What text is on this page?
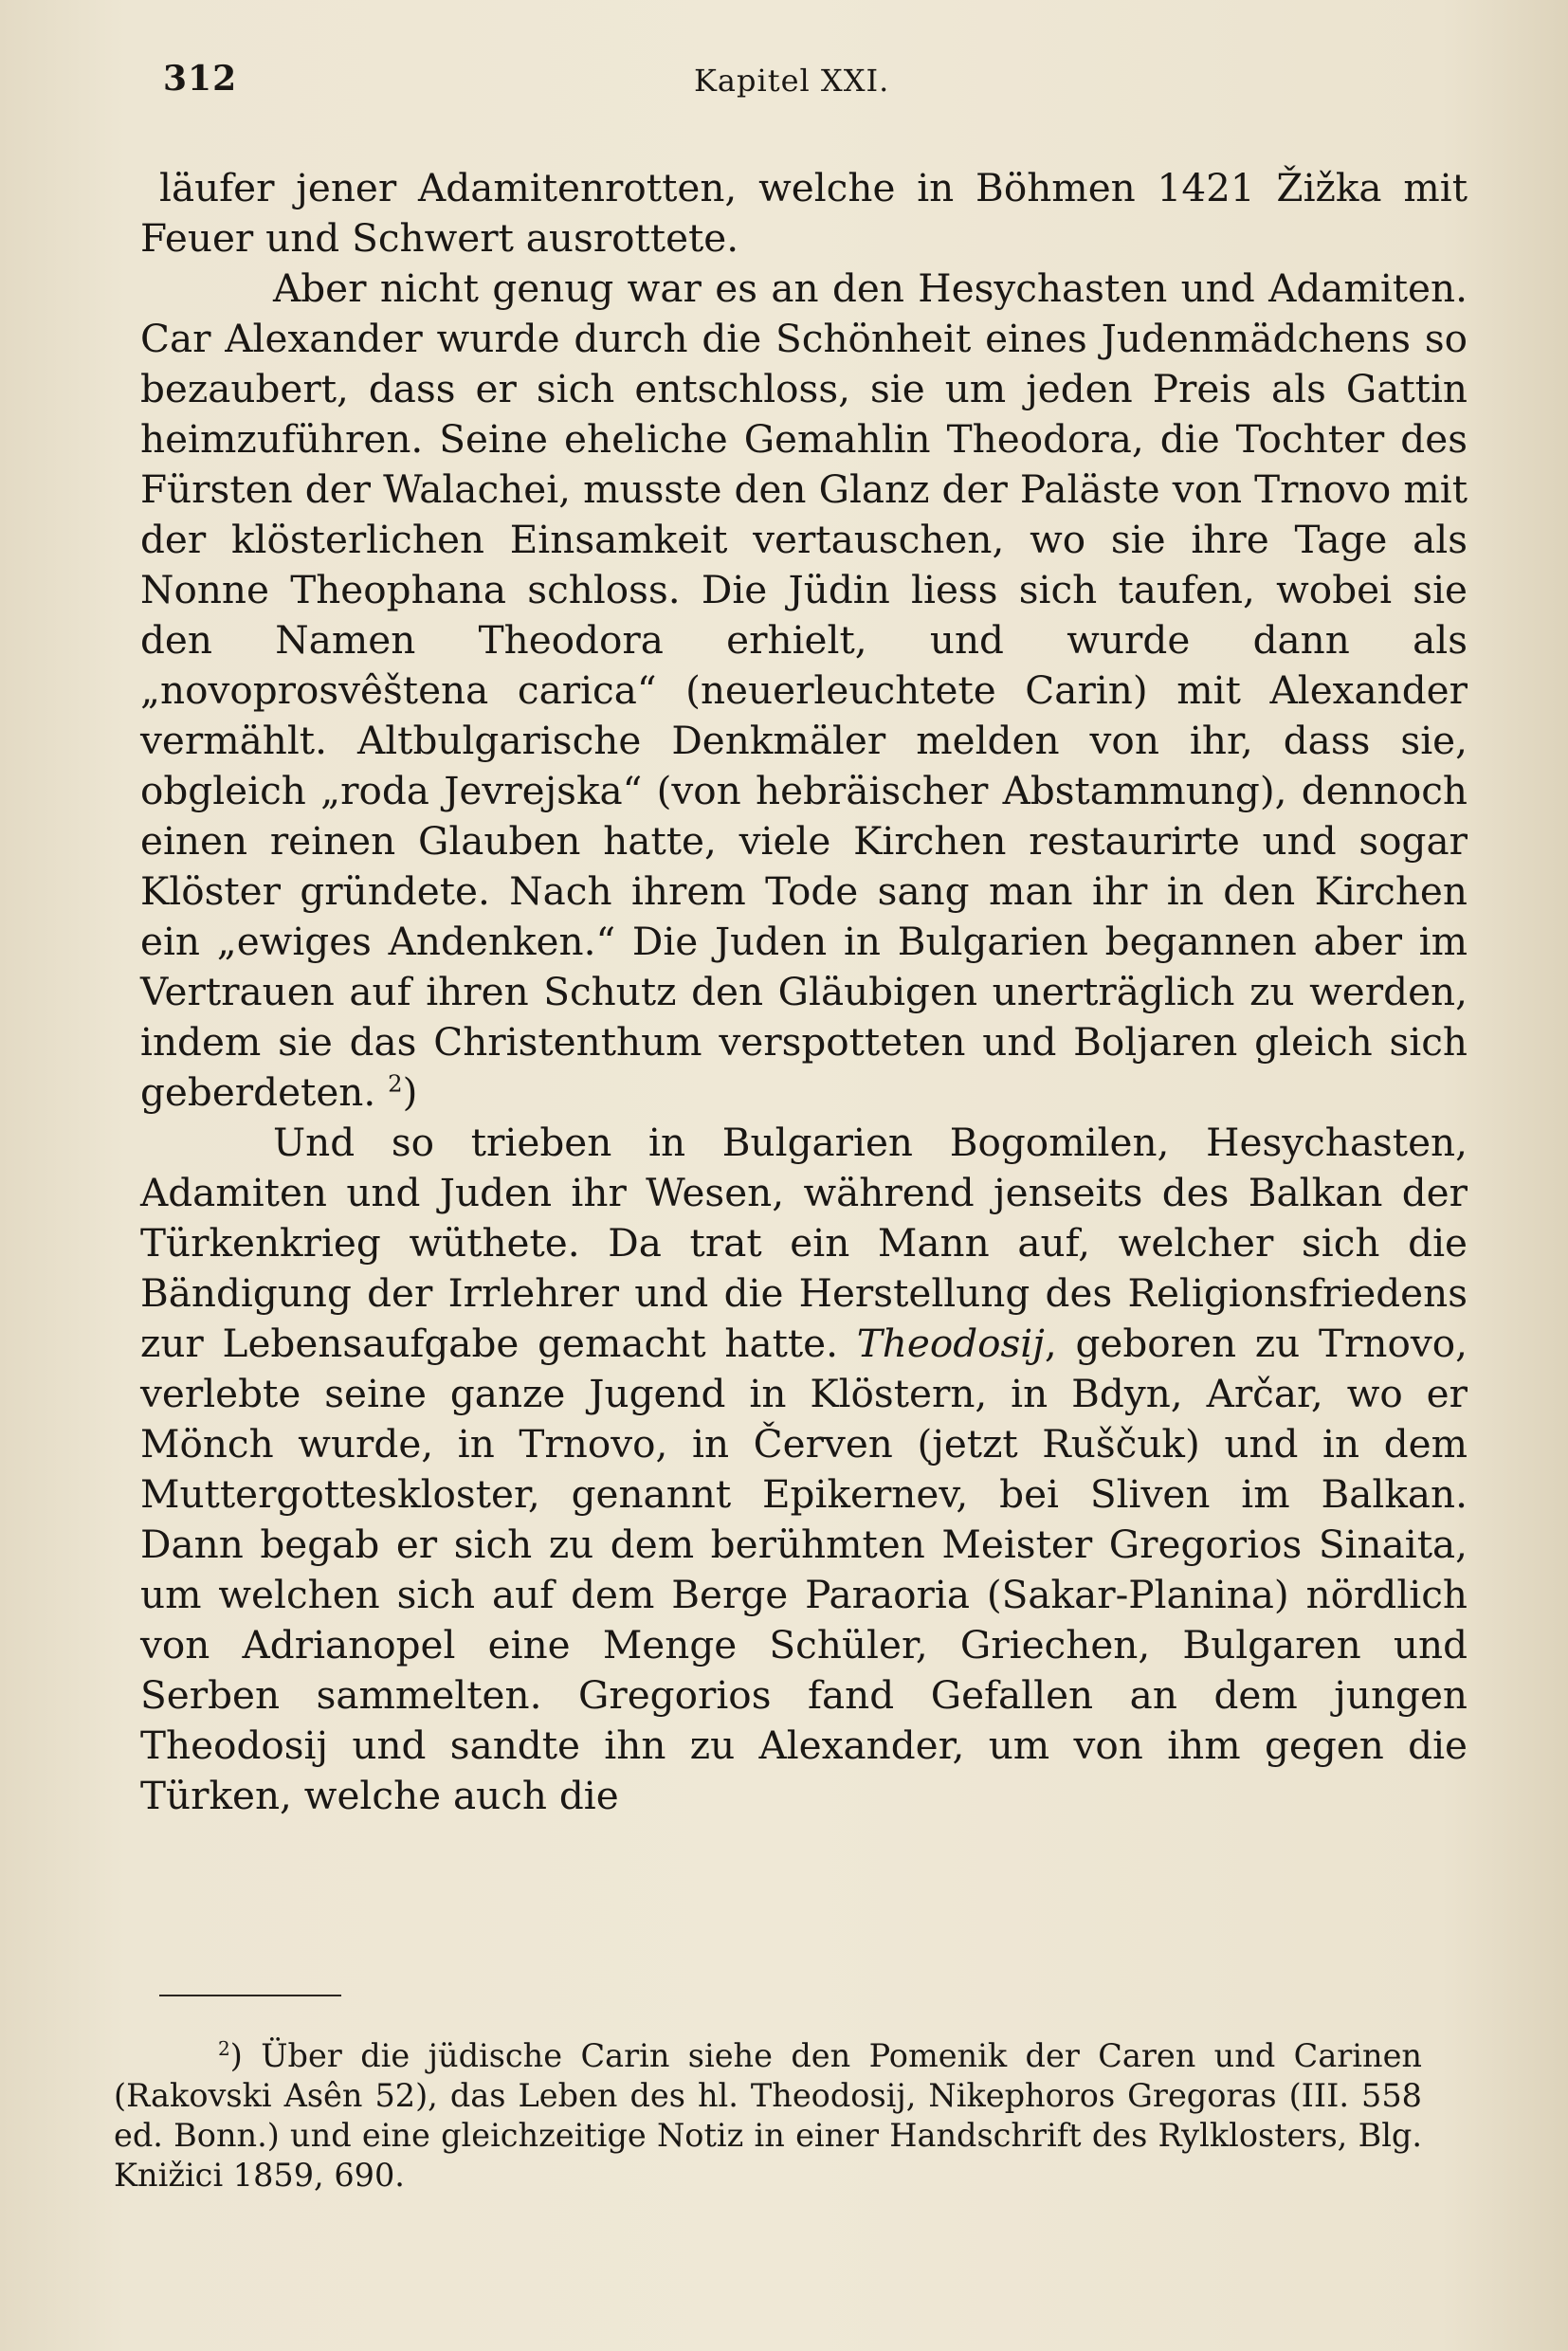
312	Kapitel XXI.

läufer jener Adamitenrotten, welche in Böhmen 1421 Žižka mit Feuer und Schwert ausrottete.

Aber nicht genug war es an den Hesychasten und Adamiten. Car Alexander wurde durch die Schönheit eines Judenmädchens so bezaubert, dass er sich entschloss, sie um jeden Preis als Gattin heimzuführen. Seine eheliche Gemahlin Theodora, die Tochter des Fürsten der Walachei, musste den Glanz der Paläste von Trnovo mit der klösterlichen Einsamkeit vertauschen, wo sie ihre Tage als Nonne Theophana schloss. Die Jüdin liess sich taufen, wobei sie den Namen Theodora erhielt, und wurde dann als „novoprosvêštena carica“ (neuerleuchtete Carin) mit Alexander vermählt. Altbulgarische Denkmäler melden von ihr, dass sie, obgleich „roda Jevrejska“ (von hebräischer Abstammung), dennoch einen reinen Glauben hatte, viele Kirchen restaurirte und sogar Klöster gründete. Nach ihrem Tode sang man ihr in den Kirchen ein „ewiges Andenken.“ Die Juden in Bulgarien begannen aber im Vertrauen auf ihren Schutz den Gläubigen unerträglich zu werden, indem sie das Christenthum verspotteten und Boljaren gleich sich geberdeten. $^2$)

Und so trieben in Bulgarien Bogomilen, Hesychasten, Adamiten und Juden ihr Wesen, während jenseits des Balkan der Türkenkrieg wüthete. Da trat ein Mann auf, welcher sich die Bändigung der Irrlehrer und die Herstellung des Religionsfriedens zur Lebensaufgabe gemacht hatte. Theodosij, geboren zu Trnovo, verlebte seine ganze Jugend in Klöstern, in Bdyn, Arčar, wo er Mönch wurde, in Trnovo, in Červen (jetzt Ruščuk) und in dem Muttergotteskloster, genannt Epikernev, bei Sliven im Balkan. Dann begab er sich zu dem berühmten Meister Gregorios Sinaita, um welchen sich auf dem Berge Paraoria (Sakar-Planina) nördlich von Adrianopel eine Menge Schüler, Griechen, Bulgaren und Serben sammelten. Gregorios fand Gefallen an dem jungen Theodosij und sandte ihn zu Alexander, um von ihm gegen die Türken, welche auch die

$^2$) Über die jüdische Carin siehe den Pomenik der Caren und Carinen (Rakovski Asên 52), das Leben des hl. Theodosij, Nikephoros Gregoras (III. 558 ed. Bonn.) und eine gleichzeitige Notiz in einer Handschrift des Rylklosters, Blg. Knižici 1859, 690.
